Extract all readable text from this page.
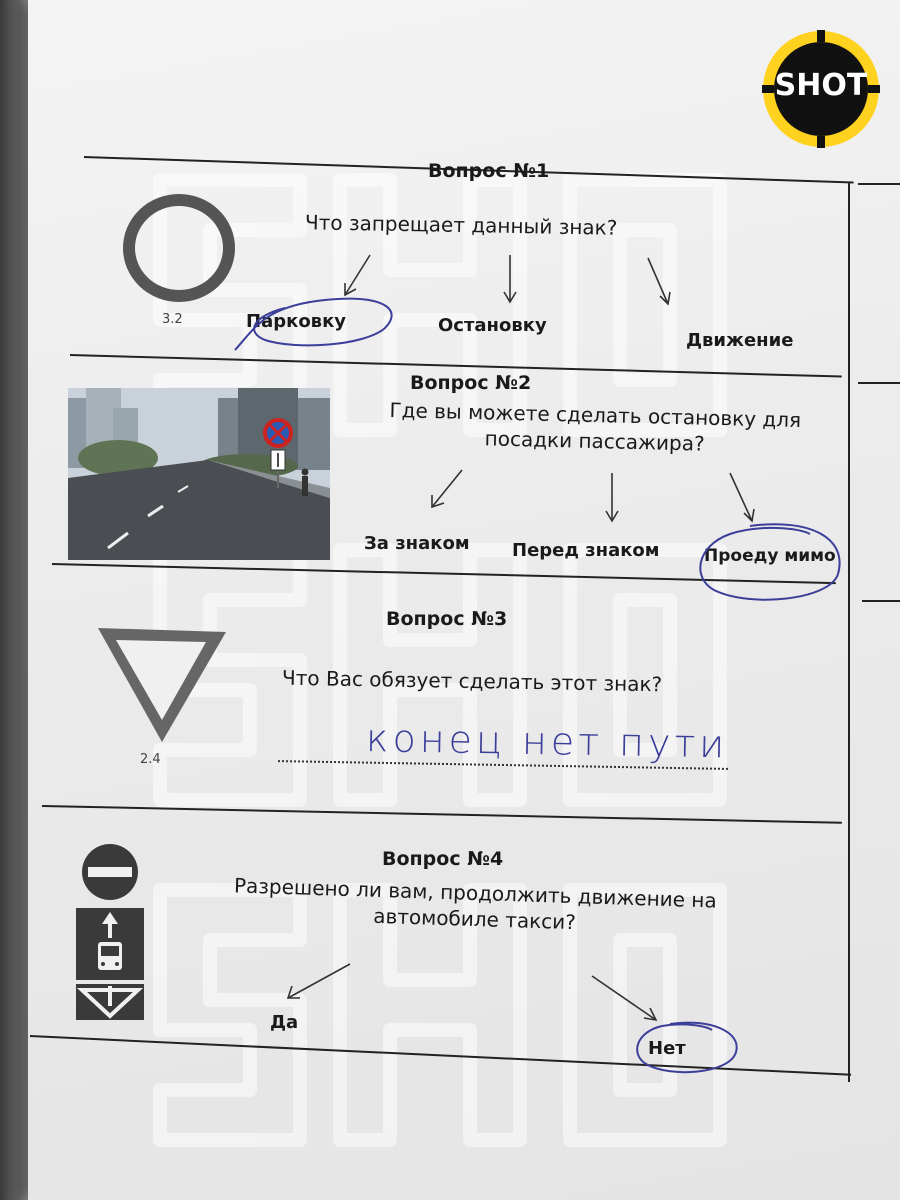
SHOT
Вопрос №1
3.2
Что запрещает данный знак?
Парковку	Остановку
Движение
Вопрос №2
Где вы можете сделать остановку для
посадки пассажира?
За знаком Перед знаком	Проеду мимо
Вопрос №3
2.4
Что Вас обязует сделать этот знак?
конец нет пути
Вопрос №4
Разрешено ли вам, продолжить движение на
автомобиле такси?
Да
Нет
